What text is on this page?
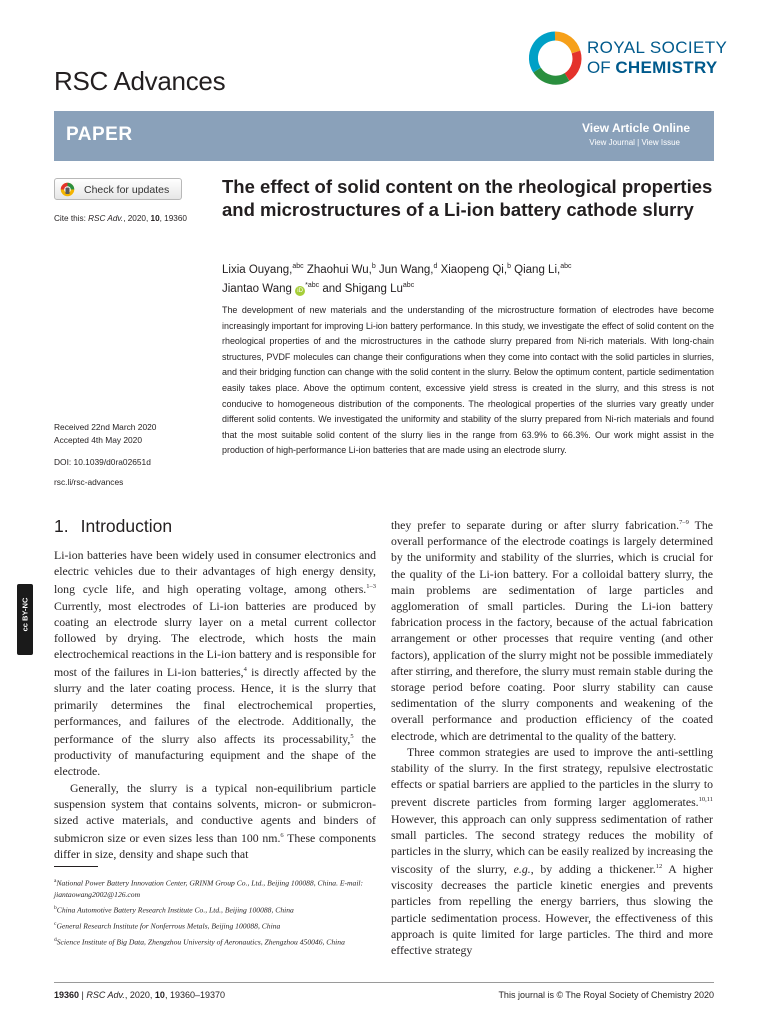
RSC Advances
ROYAL SOCIETY
OF CHEMISTRY
PAPER	View Article Online
View Journal | View Issue
Check for updates
Cite this: RSC Adv., 2020, 10, 19360
The effect of solid content on the rheological properties and microstructures of a Li-ion battery cathode slurry
Lixia Ouyang,$^{abc}$ Zhaohui Wu,$^b$ Jun Wang,$^d$ Xiaopeng Qi,$^b$ Qiang Li,$^{abc}$
Jiantao Wang $iD^{*abc}$ and Shigang $Lu^{abc}$
The development of new materials and the understanding of the microstructure formation of electrodes have become increasingly important for improving Li-ion battery performance. In this study, we investigate the effect of solid content on the rheological properties of and the microstructures in the cathode slurry prepared from Ni-rich materials. With long-chain structures, PVDF molecules can change their configurations when they come into contact with the solid particles in slurries, and their bridging function can change with the solid content in the slurry. Below the optimum content, particle sedimentation easily takes place. Above the optimum content, excessive yield stress is created in the slurry, and this stress is not conducive to homogeneous distribution of the components. The rheological properties of the slurries vary greatly under different solid contents. We investigated the uniformity and stability of the slurry prepared from Ni-rich materials and found that the most suitable solid content of the slurry lies in the range from 63.9% to 66.3%. Our work might assist in the production of high-performance Li-ion batteries that are made using an electrode slurry.
Received 22nd March 2020
Accepted 4th May 2020
DOI: 10.1039/d0ra02651d
rsc.li/rsc-advances
cc BY-NC
1. Introduction

Li-ion batteries have been widely used in consumer electronics and electric vehicles due to their advantages of high energy density, long cycle life, and high operating voltage, among others.$^{1-3}$ Currently, most electrodes of Li-ion batteries are produced by coating an electrode slurry layer on a metal current collector followed by drying. The electrode, which hosts the main electrochemical reactions in the Li-ion battery and is responsible for most of the failures in Li-ion batteries,$^4$ is directly affected by the slurry and the later coating process. Hence, it is the slurry that primarily determines the final electrochemical properties, performances, and failures of the electrode. Additionally, the performance of the slurry also affects its processability,$^5$ the productivity of manufacturing equipment and the shape of the electrode.

Generally, the slurry is a typical non-equilibrium particle suspension system that contains solvents, micron- or submicron-sized active materials, and conductive agents and binders of submicron size or even sizes less than 100 nm.$^6$ These components differ in size, density and shape such that

they prefer to separate during or after slurry fabrication.$^{7-9}$ The overall performance of the electrode coatings is largely determined by the uniformity and stability of the slurries, which is crucial for the quality of the Li-ion battery. For a colloidal battery slurry, the main problems are sedimentation of large particles and agglomeration of small particles. During the Li-ion battery fabrication process in the factory, because of the actual fabrication arrangement or other processes that require venting (and other factors), application of the slurry might not be possible immediately after stirring, and therefore, the slurry must remain stable during the storage period before coating. Poor slurry stability can cause sedimentation of the slurry components and weakening of the overall performance and production efficiency of the coated electrode, which are detrimental to the quality of the battery.

Three common strategies are used to improve the anti-settling stability of the slurry. In the first strategy, repulsive electrostatic effects or spatial barriers are applied to the particles in the slurry to prevent discrete particles from forming larger agglomerates.$^{10,11}$ However, this approach can only suppress sedimentation of rather small particles. The second strategy reduces the mobility of particles in the slurry, which can be easily realized by increasing the viscosity of the slurry, e.g., by adding a thickener.$^{12}$ A higher viscosity decreases the particle kinetic energies and prevents particles from repelling the energy barriers, thus slowing the particle sedimentation process. However, the effectiveness of this approach is quite limited for large particles. The third and more effective strategy

$^a$National Power Battery Innovation Center, GRINM Group Co., Ltd., Beijing 100088, China. E-mail: jiantaowang2002@126.com

$^b$China Automotive Battery Research Institute Co., Ltd., Beijing 100088, China

$^c$General Research Institute for Nonferrous Metals, Beijing 100088, China

$^d$Science Institute of Big Data, Zhengzhou University of Aeronautics, Zhengzhou 450046, China

19360 | RSC Adv., 2020, 10, 19360–19370	This journal is © The Royal Society of Chemistry 2020
